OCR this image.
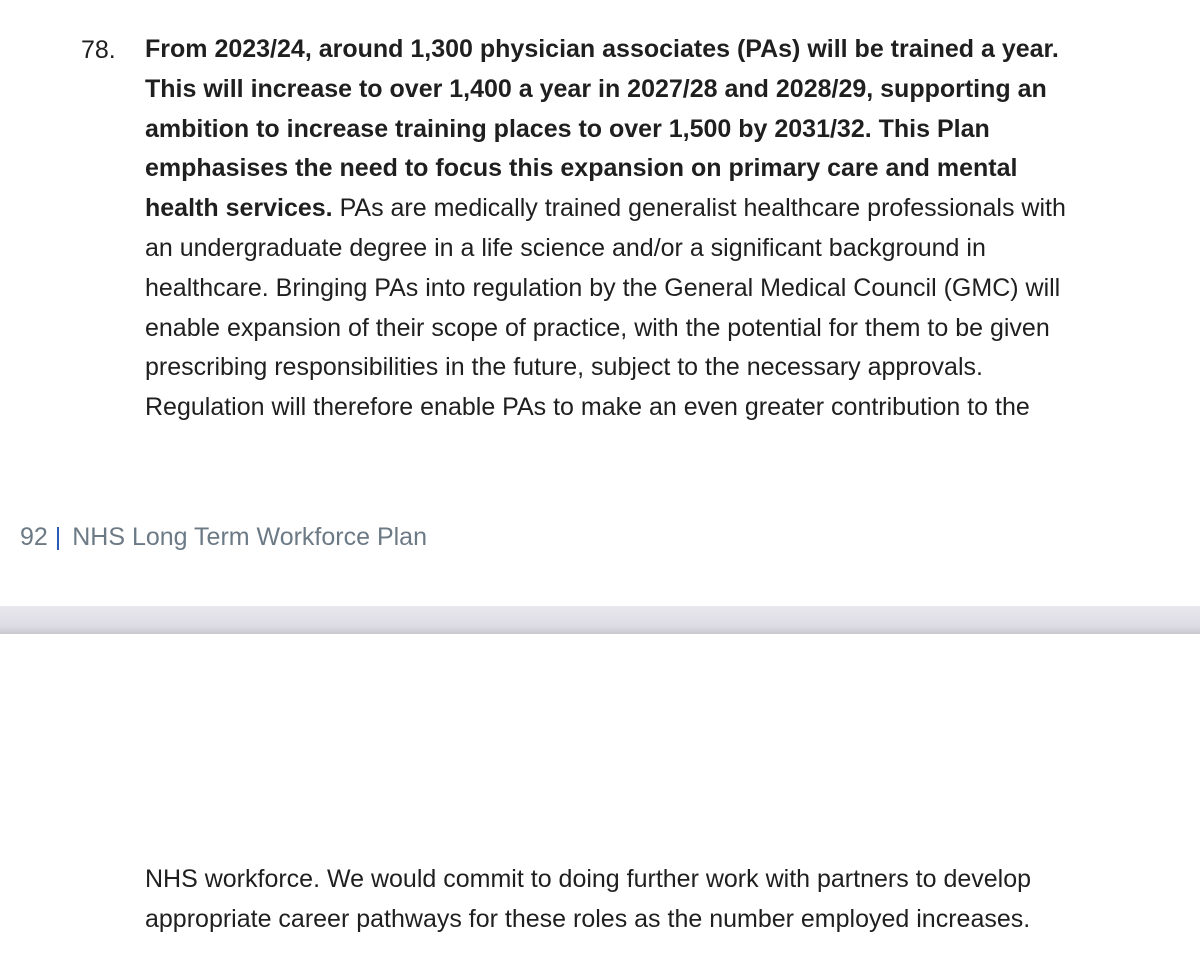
78. From 2023/24, around 1,300 physician associates (PAs) will be trained a year.
This will increase to over 1,400 a year in 2027/28 and 2028/29, supporting an
ambition to increase training places to over 1,500 by 2031/32. This Plan
emphasises the need to focus this expansion on primary care and mental
health services. PAs are medically trained generalist healthcare professionals with
an undergraduate degree in a life science and/or a significant background in
healthcare. Bringing PAs into regulation by the General Medical Council (GMC) will
enable expansion of their scope of practice, with the potential for them to be given
prescribing responsibilities in the future, subject to the necessary approvals.
Regulation will therefore enable PAs to make an even greater contribution to the
92 | NHS Long Term Workforce Plan
NHS workforce. We would commit to doing further work with partners to develop
appropriate career pathways for these roles as the number employed increases.
